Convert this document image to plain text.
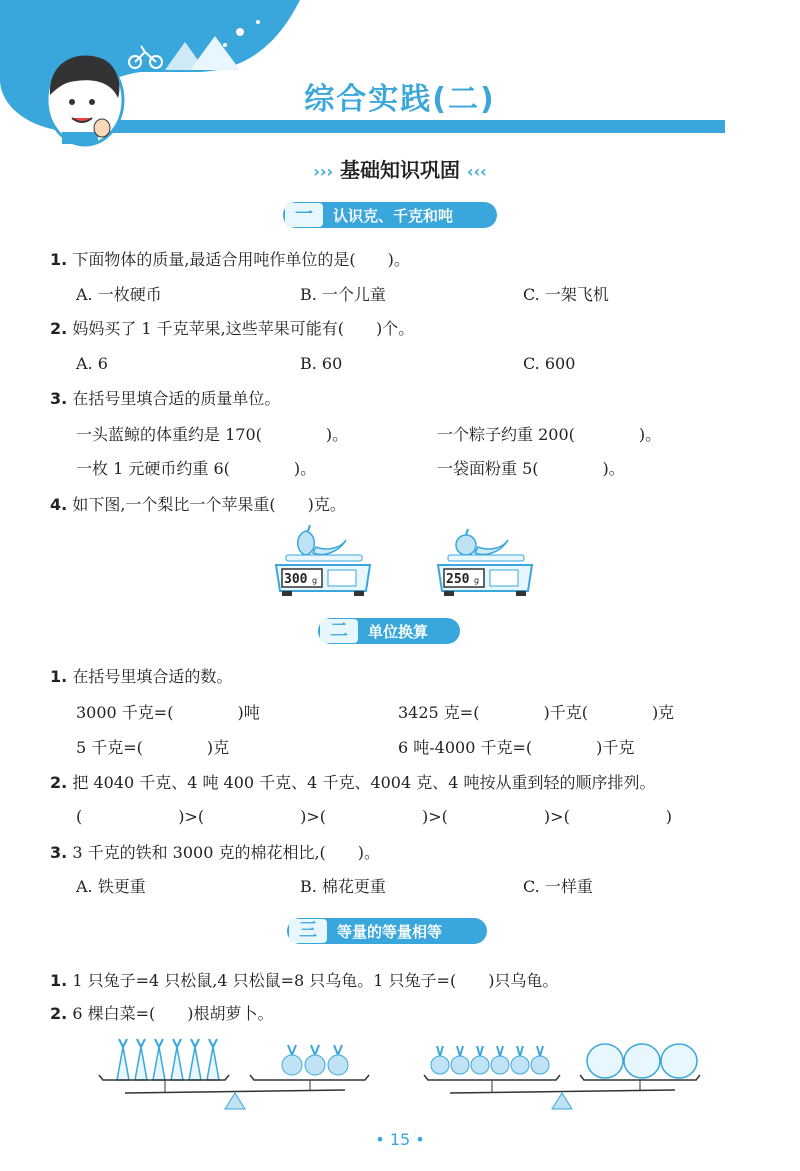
综合实践(二)
››› 基础知识巩固 ‹‹‹
一	认识克、千克和吨
1. 下面物体的质量,最适合用吨作单位的是(　　)。
A. 一枚硬币	B. 一个儿童	C. 一架飞机
2. 妈妈买了 1 千克苹果,这些苹果可能有(　　)个。
A. 6	B. 60	C. 600
3. 在括号里填合适的质量单位。
一头蓝鲸的体重约是 170(　　　　)。	一个粽子约重 200(　　　　)。
一枚 1 元硬币约重 6(　　　　)。	一袋面粉重 5(　　　　)。
4. 如下图,一个梨比一个苹果重(　　)克。
300 g	250 g
二	单位换算
1. 在括号里填合适的数。
3000 千克=(　　　　)吨	3425 克=(　　　　)千克(　　　　)克
5 千克=(　　　　)克	6 吨-4000 千克=(　　　　)千克
2. 把 4040 千克、4 吨 400 千克、4 千克、4004 克、4 吨按从重到轻的顺序排列。
(　　　　　　)>(　　　　　　)>(　　　　　　)>(　　　　　　)>(　　　　　　)
3. 3 千克的铁和 3000 克的棉花相比,(　　)。
A. 铁更重	B. 棉花更重	C. 一样重
三	等量的等量相等
1. 1 只兔子=4 只松鼠,4 只松鼠=8 只乌龟。1 只兔子=(　　)只乌龟。
2. 6 棵白菜=(　　)根胡萝卜。
• 15 •
